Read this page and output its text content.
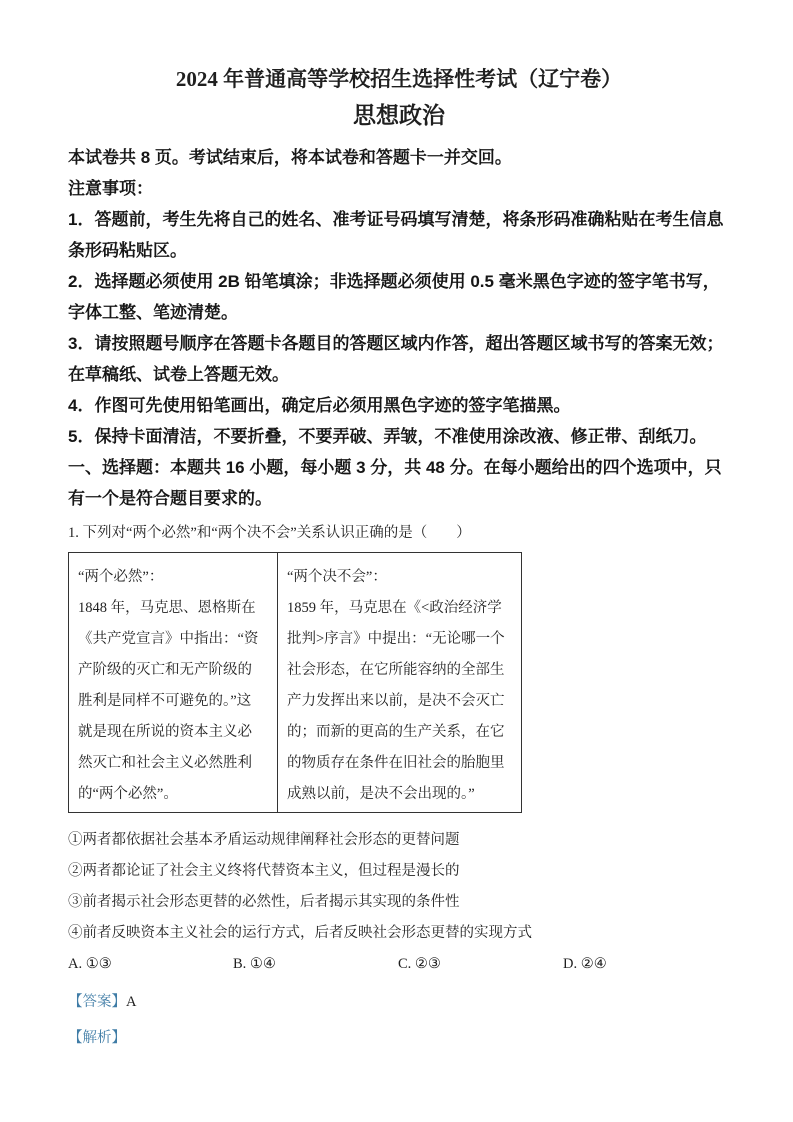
2024 年普通高等学校招生选择性考试（辽宁卷）
思想政治

本试卷共 8 页。考试结束后，将本试卷和答题卡一并交回。

注意事项：

1．答题前，考生先将自己的姓名、准考证号码填写清楚，将条形码准确粘贴在考生信息条形码粘贴区。

2．选择题必须使用 2B 铅笔填涂；非选择题必须使用 0.5 毫米黑色字迹的签字笔书写，字体工整、笔迹清楚。

3．请按照题号顺序在答题卡各题目的答题区域内作答，超出答题区域书写的答案无效；在草稿纸、试卷上答题无效。

4．作图可先使用铅笔画出，确定后必须用黑色字迹的签字笔描黑。

5．保持卡面清洁，不要折叠，不要弄破、弄皱，不准使用涂改液、修正带、刮纸刀。

一、选择题：本题共 16 小题，每小题 3 分，共 48 分。在每小题给出的四个选项中，只有一个是符合题目要求的。

1. 下列对“两个必然”和“两个决不会”关系认识正确的是（　　）

“两个必然”：
1848 年，马克思、恩格斯在
《共产党宣言》中指出：“资
产阶级的灭亡和无产阶级的
胜利是同样不可避免的。”这
就是现在所说的资本主义必
然灭亡和社会主义必然胜利
的“两个必然”。

“两个决不会”：
1859 年，马克思在《<政治经济学
批判>序言》中提出：“无论哪一个
社会形态，在它所能容纳的全部生
产力发挥出来以前，是决不会灭亡
的；而新的更高的生产关系，在它
的物质存在条件在旧社会的胎胞里
成熟以前，是决不会出现的。”

①两者都依据社会基本矛盾运动规律阐释社会形态的更替问题

②两者都论证了社会主义终将代替资本主义，但过程是漫长的

③前者揭示社会形态更替的必然性，后者揭示其实现的条件性

④前者反映资本主义社会的运行方式，后者反映社会形态更替的实现方式

A. ①③	B. ①④	C. ②③	D. ②④

【答案】A

【解析】
